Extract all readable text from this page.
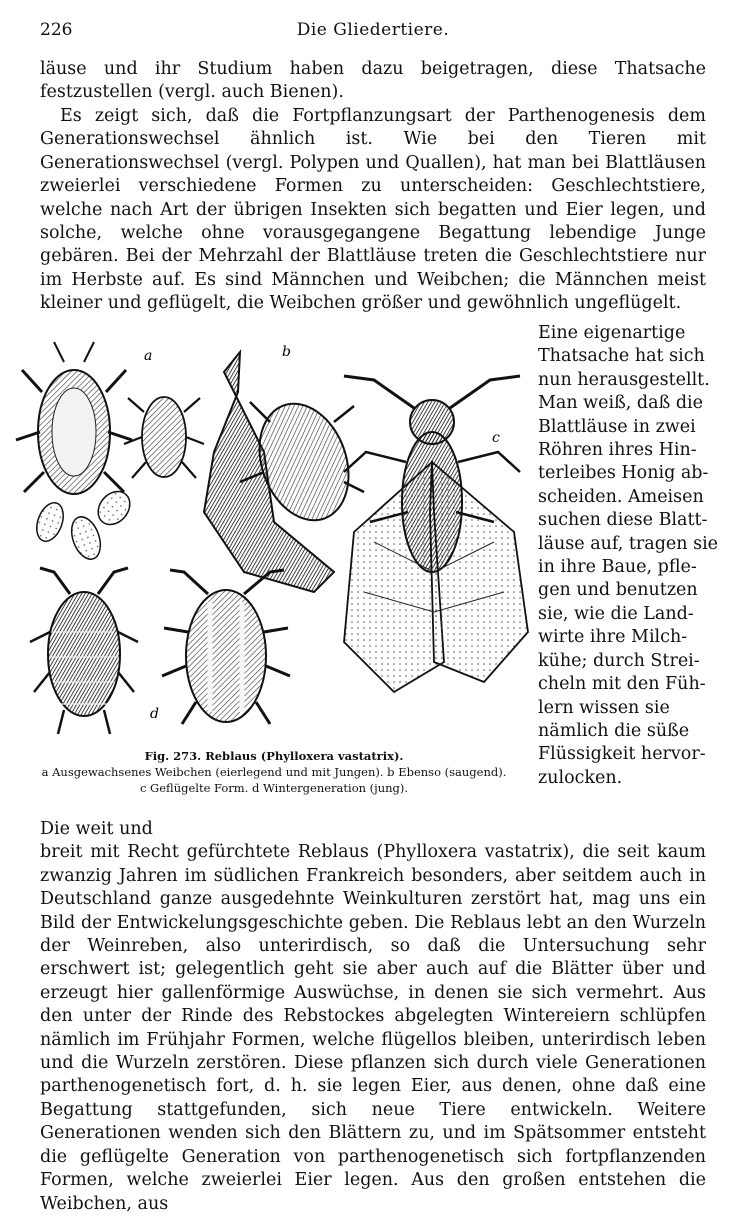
226	Die Gliedertiere.

läuse und ihr Studium haben dazu beigetragen, diese Thatsache festzustellen (vergl. auch Bienen).

Es zeigt sich, daß die Fortpflanzungsart der Parthenogenesis dem Generationswechsel ähnlich ist. Wie bei den Tieren mit Generationswechsel (vergl. Polypen und Quallen), hat man bei Blattläusen zweierlei verschiedene Formen zu unterscheiden: Geschlechtstiere, welche nach Art der übrigen Insekten sich begatten und Eier legen, und solche, welche ohne vorausgegangene Begattung lebendige Junge gebären. Bei der Mehrzahl der Blattläuse treten die Geschlechtstiere nur im Herbste auf. Es sind Männchen und Weibchen; die Männchen meist kleiner und geflügelt, die Weibchen größer und gewöhnlich ungeflügelt.

a	b
c
d
Eine eigenartige
Thatsache hat sich
nun herausgestellt.
Man weiß, daß die
Blattläuse in zwei
Röhren ihres Hin-
terleibes Honig ab-
scheiden. Ameisen
suchen diese Blatt-
läuse auf, tragen sie
in ihre Baue, pfle-
gen und benutzen
sie, wie die Land-
wirte ihre Milch-
kühe; durch Strei-
cheln mit den Füh-
lern wissen sie
nämlich die süße
Flüssigkeit hervor-
zulocken.
Fig. 273. Reblaus (Phylloxera vastatrix).
a Ausgewachsenes Weibchen (eierlegend und mit Jungen). b Ebenso (saugend).
c Geflügelte Form. d Wintergeneration (jung).
Die weit und
breit mit Recht gefürchtete Reblaus (Phylloxera vastatrix), die seit kaum zwanzig Jahren im südlichen Frankreich besonders, aber seitdem auch in Deutschland ganze ausgedehnte Weinkulturen zerstört hat, mag uns ein Bild der Entwickelungsgeschichte geben. Die Reblaus lebt an den Wurzeln der Weinreben, also unterirdisch, so daß die Untersuchung sehr erschwert ist; gelegentlich geht sie aber auch auf die Blätter über und erzeugt hier gallenförmige Auswüchse, in denen sie sich vermehrt. Aus den unter der Rinde des Rebstockes abgelegten Wintereiern schlüpfen nämlich im Frühjahr Formen, welche flügellos bleiben, unterirdisch leben und die Wurzeln zerstören. Diese pflanzen sich durch viele Generationen parthenogenetisch fort, d. h. sie legen Eier, aus denen, ohne daß eine Begattung stattgefunden, sich neue Tiere entwickeln. Weitere Generationen wenden sich den Blättern zu, und im Spätsommer entsteht die geflügelte Generation von parthenogenetisch sich fortpflanzenden Formen, welche zweierlei Eier legen. Aus den großen entstehen die Weibchen, aus
